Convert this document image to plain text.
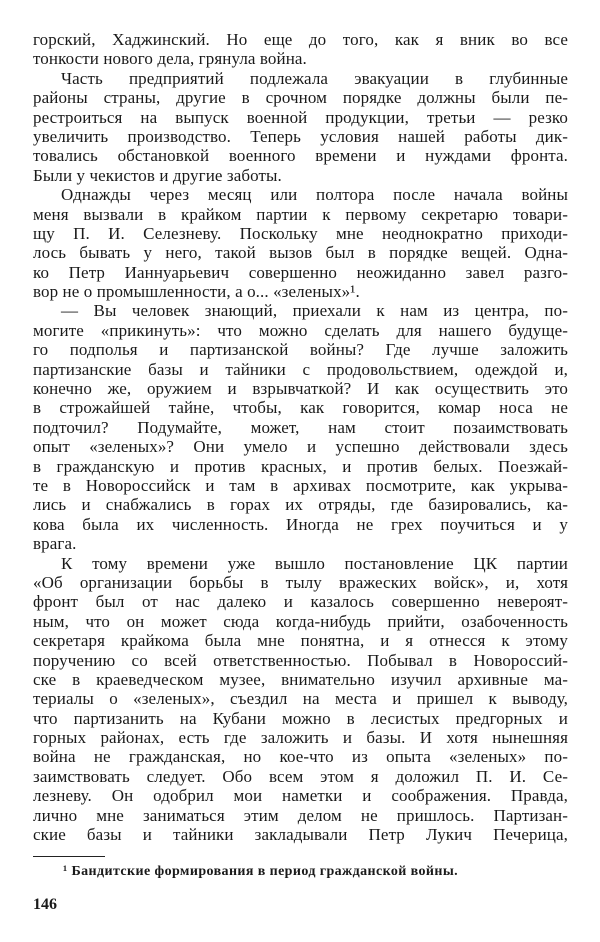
горский, Хаджинский. Но еще до того, как я вник во все
тонкости нового дела, грянула война.
Часть предприятий подлежала эвакуации в глубинные
районы страны, другие в срочном порядке должны были пе-
рестроиться на выпуск военной продукции, третьи — резко
увеличить производство. Теперь условия нашей работы дик-
товались обстановкой военного времени и нуждами фронта.
Были у чекистов и другие заботы.
Однажды через месяц или полтора после начала войны
меня вызвали в крайком партии к первому секретарю товари-
щу П. И. Селезневу. Поскольку мне неоднократно приходи-
лось бывать у него, такой вызов был в порядке вещей. Одна-
ко Петр Ианнуарьевич совершенно неожиданно завел разго-
вор не о промышленности, а о... «зеленых»¹.
— Вы человек знающий, приехали к нам из центра, по-
могите «прикинуть»: что можно сделать для нашего будуще-
го подполья и партизанской войны? Где лучше заложить
партизанские базы и тайники с продовольствием, одеждой и,
конечно же, оружием и взрывчаткой? И как осуществить это
в строжайшей тайне, чтобы, как говорится, комар носа не
подточил? Подумайте, может, нам стоит позаимствовать
опыт «зеленых»? Они умело и успешно действовали здесь
в гражданскую и против красных, и против белых. Поезжай-
те в Новороссийск и там в архивах посмотрите, как укрыва-
лись и снабжались в горах их отряды, где базировались, ка-
кова была их численность. Иногда не грех поучиться и у
врага.
К тому времени уже вышло постановление ЦК партии
«Об организации борьбы в тылу вражеских войск», и, хотя
фронт был от нас далеко и казалось совершенно невероят-
ным, что он может сюда когда-нибудь прийти, озабоченность
секретаря крайкома была мне понятна, и я отнесся к этому
поручению со всей ответственностью. Побывал в Новороссий-
ске в краеведческом музее, внимательно изучил архивные ма-
териалы о «зеленых», съездил на места и пришел к выводу,
что партизанить на Кубани можно в лесистых предгорных и
горных районах, есть где заложить и базы. И хотя нынешняя
война не гражданская, но кое-что из опыта «зеленых» по-
заимствовать следует. Обо всем этом я доложил П. И. Се-
лезневу. Он одобрил мои наметки и соображения. Правда,
лично мне заниматься этим делом не пришлось. Партизан-
ские базы и тайники закладывали Петр Лукич Печерица,
¹ Бандитские формирования в период гражданской войны.
146
